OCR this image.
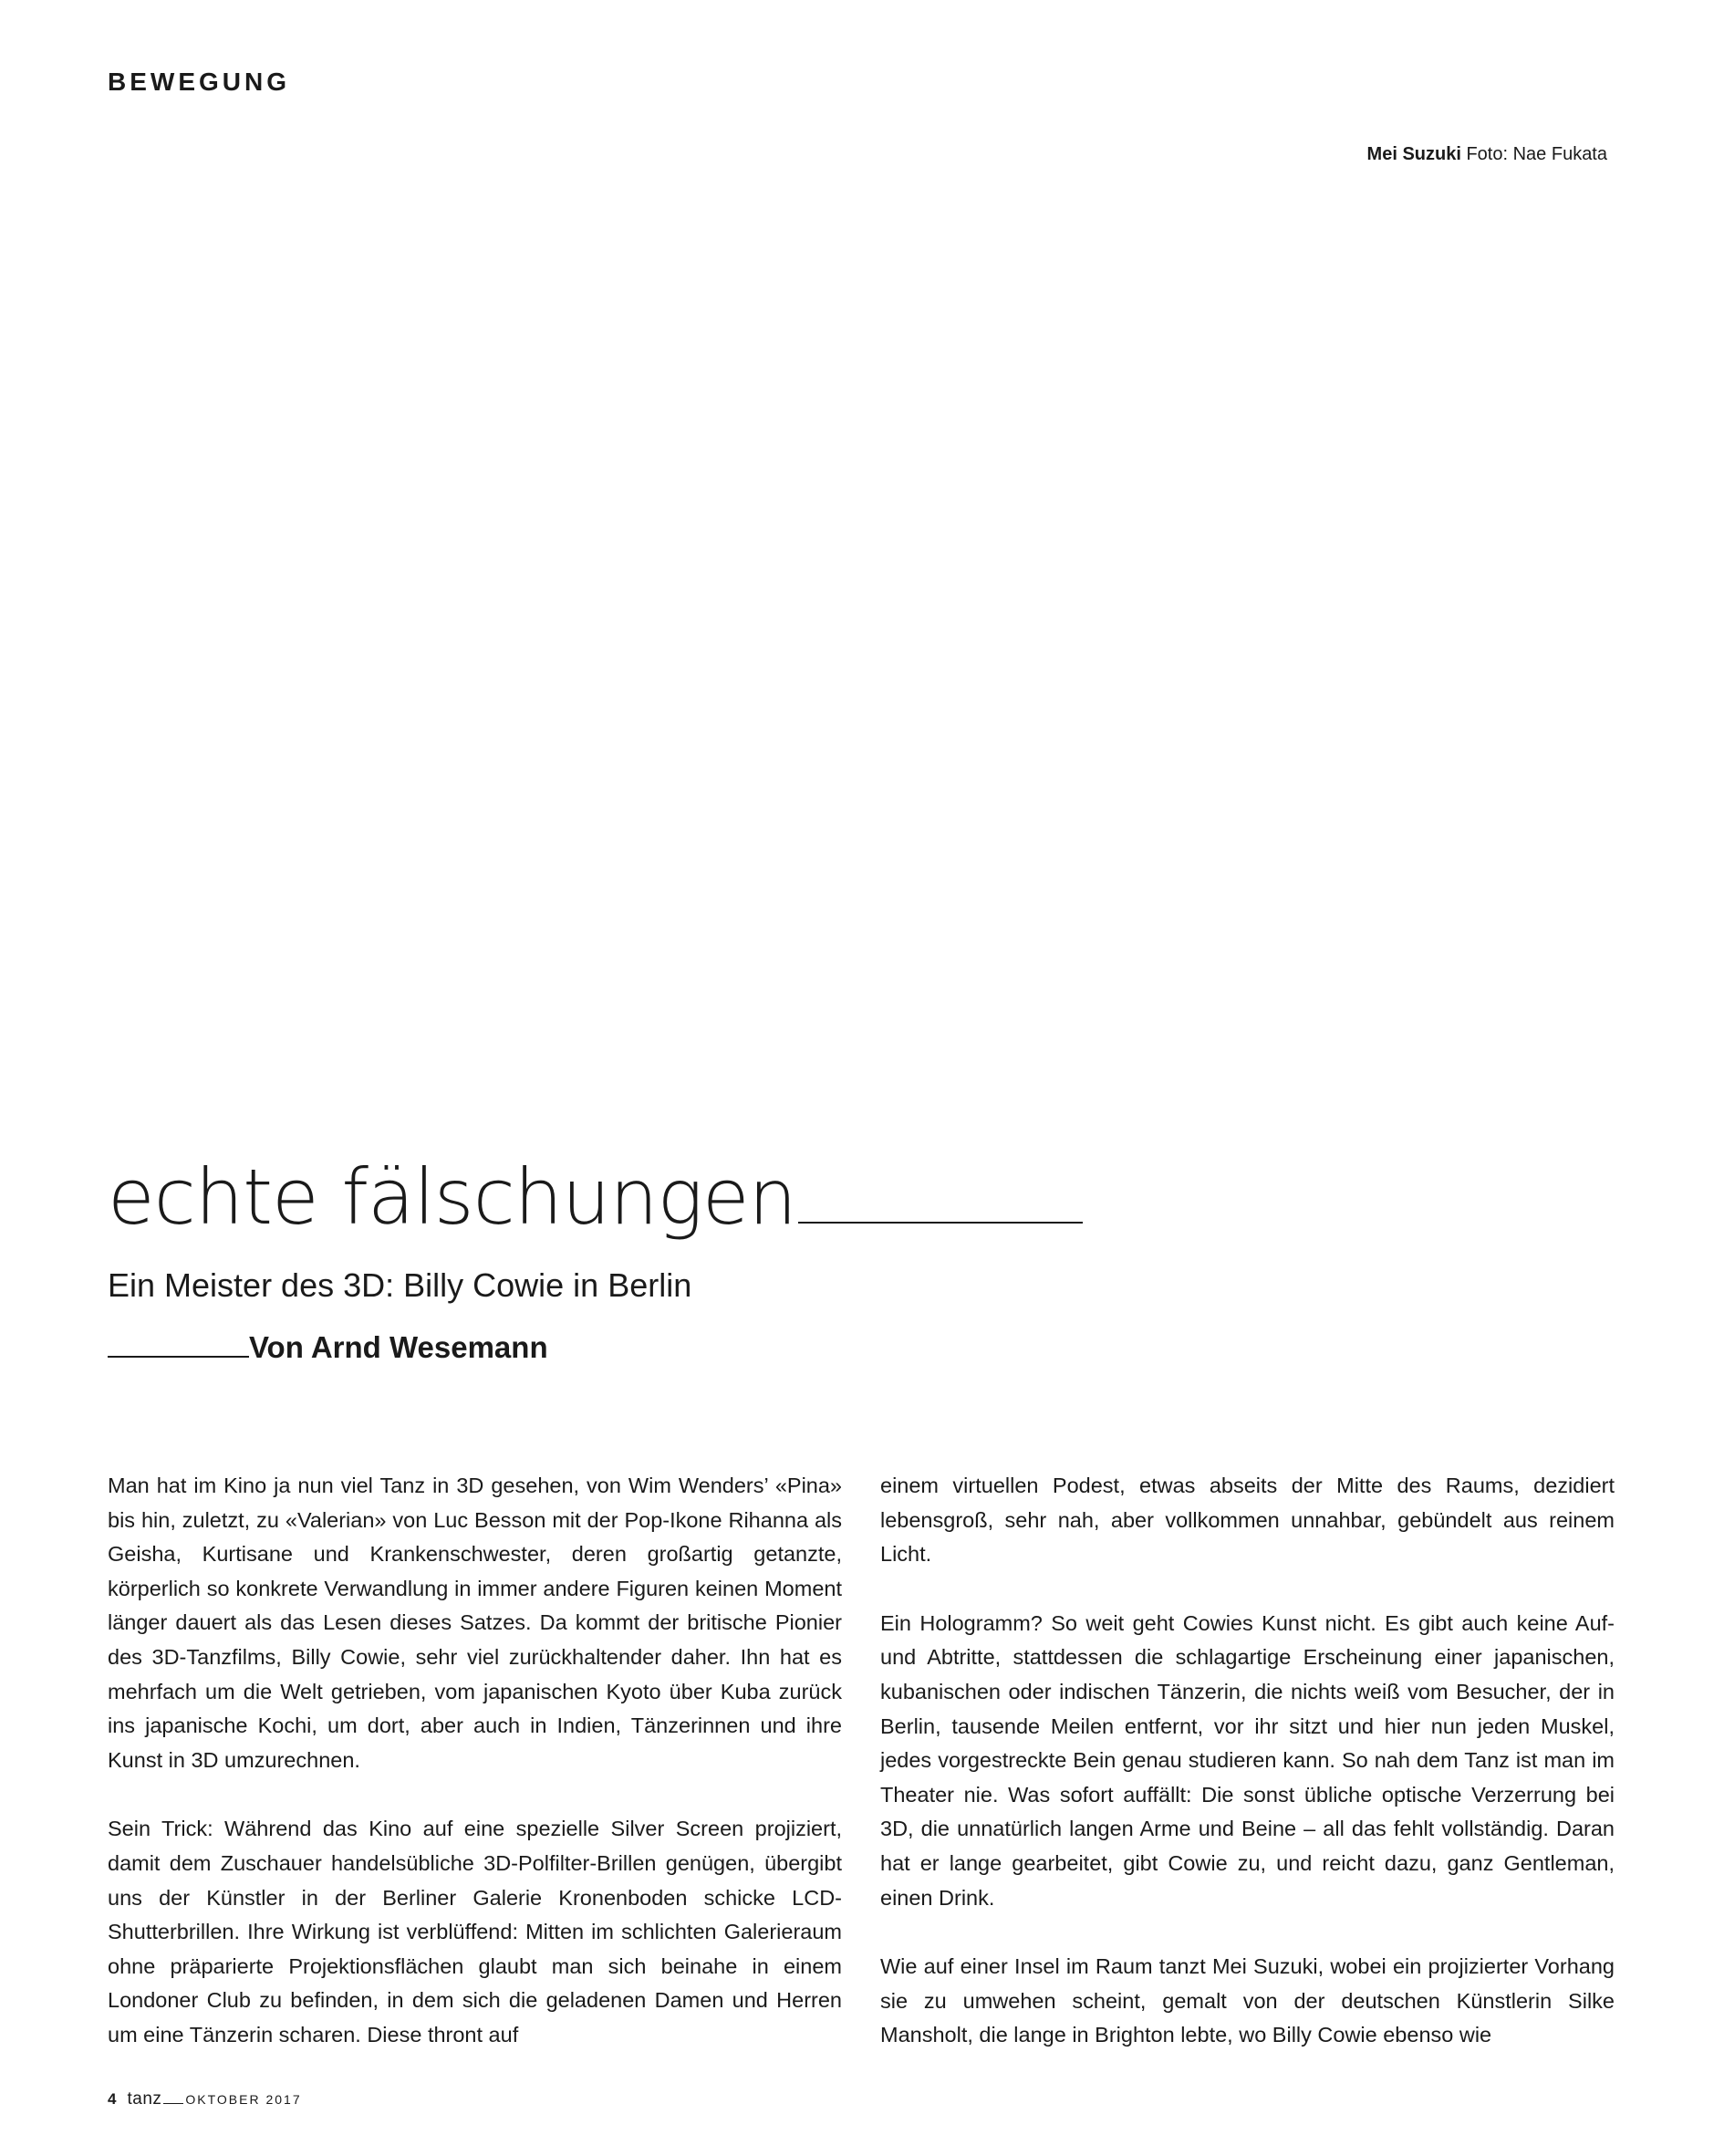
BEWEGUNG
Mei Suzuki Foto: Nae Fukata
echte fälschungen
Ein Meister des 3D: Billy Cowie in Berlin
Von Arnd Wesemann

Man hat im Kino ja nun viel Tanz in 3D gesehen, von Wim Wenders’ «Pina» bis hin, zuletzt, zu «Valerian» von Luc Besson mit der Pop-Ikone Rihanna als Geisha, Kurtisane und Krankenschwester, deren großartig getanzte, körperlich so konkrete Verwandlung in immer andere Figuren keinen Moment länger dauert als das Lesen dieses Satzes. Da kommt der britische Pionier des 3D-Tanzfilms, Billy Cowie, sehr viel zurückhaltender daher. Ihn hat es mehrfach um die Welt getrieben, vom japanischen Kyoto über Kuba zurück ins japanische Kochi, um dort, aber auch in Indien, Tänzerinnen und ihre Kunst in 3D umzurechnen.

Sein Trick: Während das Kino auf eine spezielle Silver Screen projiziert, damit dem Zuschauer handelsübliche 3D-Polfilter-Brillen genügen, übergibt uns der Künstler in der Berliner Galerie Kronenboden schicke LCD-Shutterbrillen. Ihre Wirkung ist verblüffend: Mitten im schlichten Galerieraum ohne präparierte Projektionsflächen glaubt man sich beinahe in einem Londoner Club zu befinden, in dem sich die geladenen Damen und Herren um eine Tänzerin scharen. Diese thront auf

einem virtuellen Podest, etwas abseits der Mitte des Raums, dezidiert lebensgroß, sehr nah, aber vollkommen unnahbar, gebündelt aus reinem Licht.

Ein Hologramm? So weit geht Cowies Kunst nicht. Es gibt auch keine Auf- und Abtritte, stattdessen die schlagartige Erscheinung einer japanischen, kubanischen oder indischen Tänzerin, die nichts weiß vom Besucher, der in Berlin, tausende Meilen entfernt, vor ihr sitzt und hier nun jeden Muskel, jedes vorgestreckte Bein genau studieren kann. So nah dem Tanz ist man im Theater nie. Was sofort auffällt: Die sonst übliche optische Verzerrung bei 3D, die unnatürlich langen Arme und Beine – all das fehlt vollständig. Daran hat er lange gearbeitet, gibt Cowie zu, und reicht dazu, ganz Gentleman, einen Drink.

Wie auf einer Insel im Raum tanzt Mei Suzuki, wobei ein projizierter Vorhang sie zu umwehen scheint, gemalt von der deutschen Künstlerin Silke Mansholt, die lange in Brighton lebte, wo Billy Cowie ebenso wie

4 tanz OKTOBER 2017
